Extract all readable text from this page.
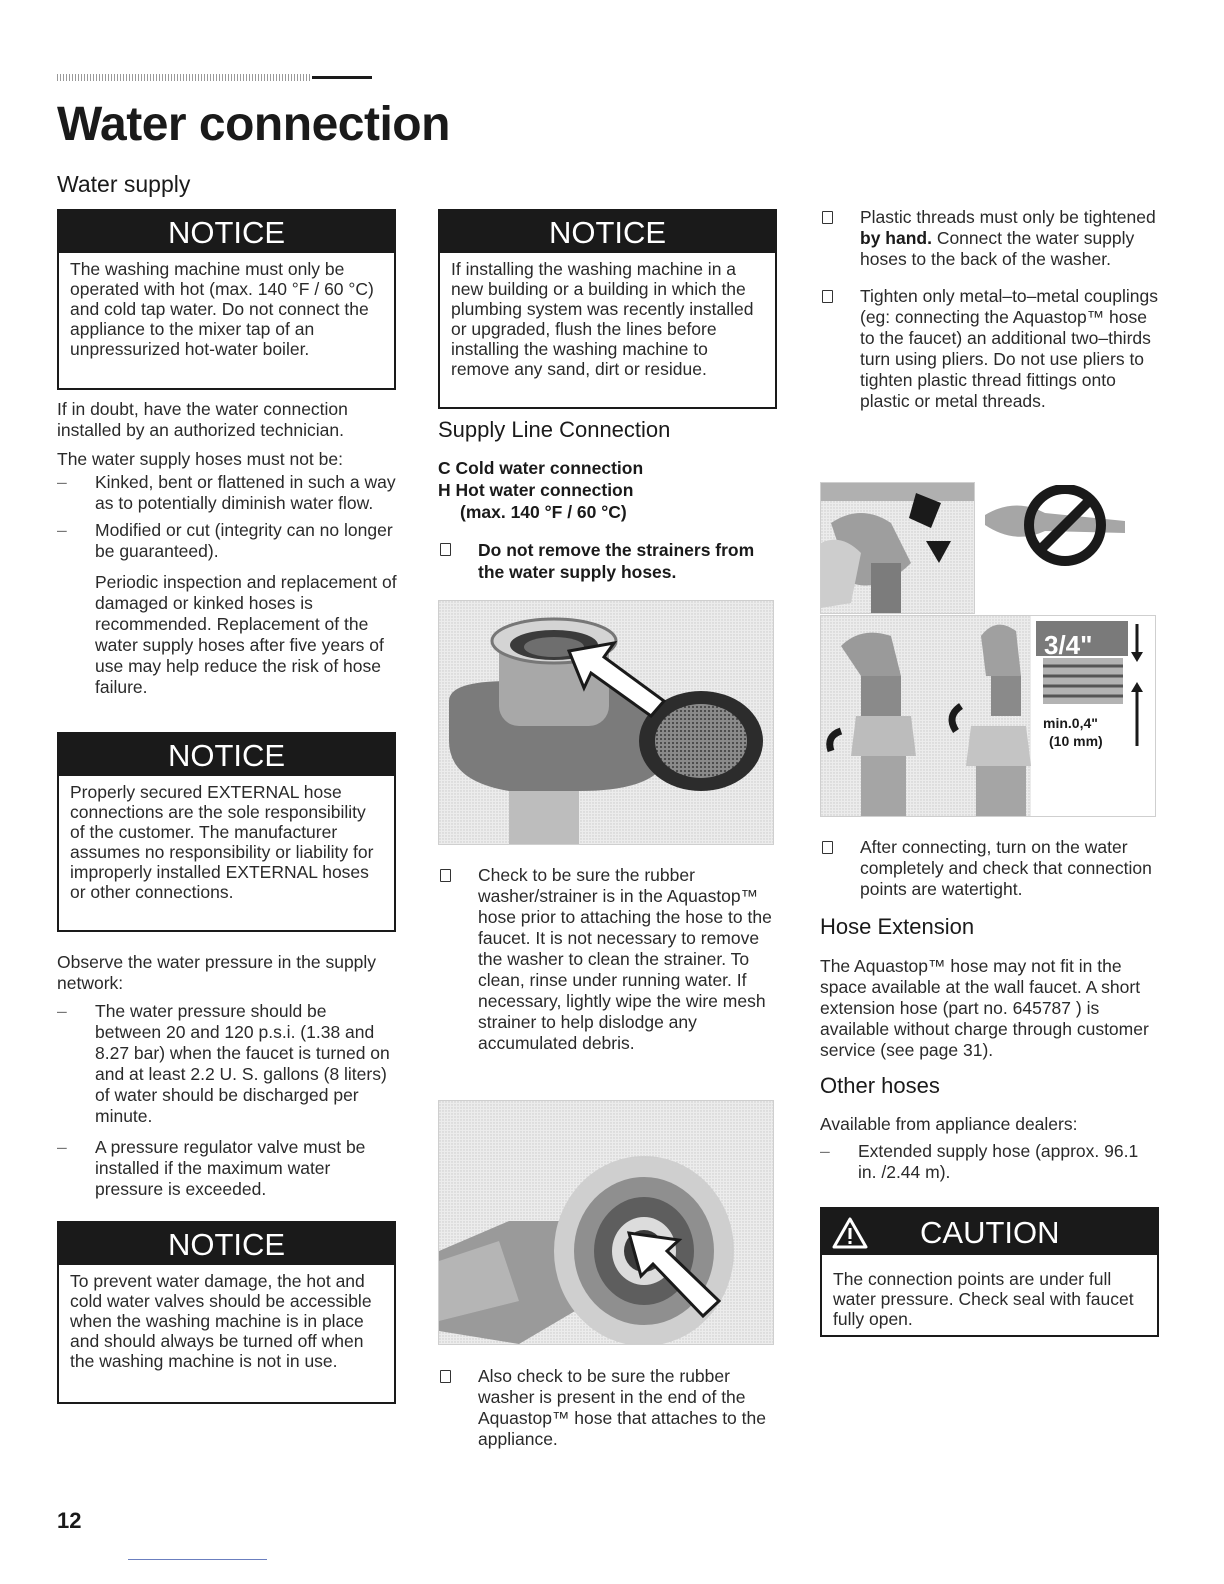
Water connection
Water supply
NOTICE
The washing machine must only be operated with hot (max. 140 °F / 60 °C) and cold tap water. Do not connect the appliance to the mixer tap of an unpressurized hot-water boiler.

If in doubt, have the water connection installed by an authorized technician.

The water supply hoses must not be:

– Kinked, bent or flattened in such a way as to potentially diminish water flow.
– Modified or cut (integrity can no longer be guaranteed).

Periodic inspection and replacement of damaged or kinked hoses is recommended. Replacement of the water supply hoses after five years of use may help reduce the risk of hose failure.

NOTICE
Properly secured EXTERNAL hose connections are the sole responsibility of the customer. The manufacturer assumes no responsibility or liability for improperly installed EXTERNAL hoses or other connections.

Observe the water pressure in the supply network:

– The water pressure should be between 20 and 120 p.s.i. (1.38 and 8.27 bar) when the faucet is turned on and at least 2.2 U. S. gallons (8 liters) of water should be discharged per minute.
– A pressure regulator valve must be installed if the maximum water pressure is exceeded.
NOTICE
To prevent water damage, the hot and cold water valves should be accessible when the washing machine is in place and should always be turned off when the washing machine is not in use.
NOTICE
If installing the washing machine in a new building or a building in which the plumbing system was recently installed or upgraded, flush the lines before installing the washing machine to remove any sand, dirt or residue.
Supply Line Connection
C Cold water connection
H Hot water connection
(max. 140 °F / 60 °C)
Do not remove the strainers from the water supply hoses.
Check to be sure the rubber washer/strainer is in the Aquastop™ hose prior to attaching the hose to the faucet. It is not necessary to remove the washer to clean the strainer. To clean, rinse under running water. If necessary, lightly wipe the wire mesh strainer to help dislodge any accumulated debris.
Also check to be sure the rubber washer is present in the end of the Aquastop™ hose that attaches to the appliance.
Plastic threads must only be tightened by hand. Connect the water supply hoses to the back of the washer.
Tighten only metal–to–metal couplings (eg: connecting the Aquastop™ hose to the faucet) an additional two–thirds turn using pliers. Do not use pliers to tighten plastic thread fittings onto plastic or metal threads.
3/4"
min.0,4"
(10 mm)
After connecting, turn on the water completely and check that connection points are watertight.
Hose Extension
The Aquastop™ hose may not fit in the space available at the wall faucet. A short extension hose (part no. 645787 ) is available without charge through customer service (see page 31).
Other hoses

Available from appliance dealers:

– Extended supply hose (approx. 96.1 in. /2.44 m).
CAUTION
The connection points are under full water pressure. Check seal with faucet fully open.
12
